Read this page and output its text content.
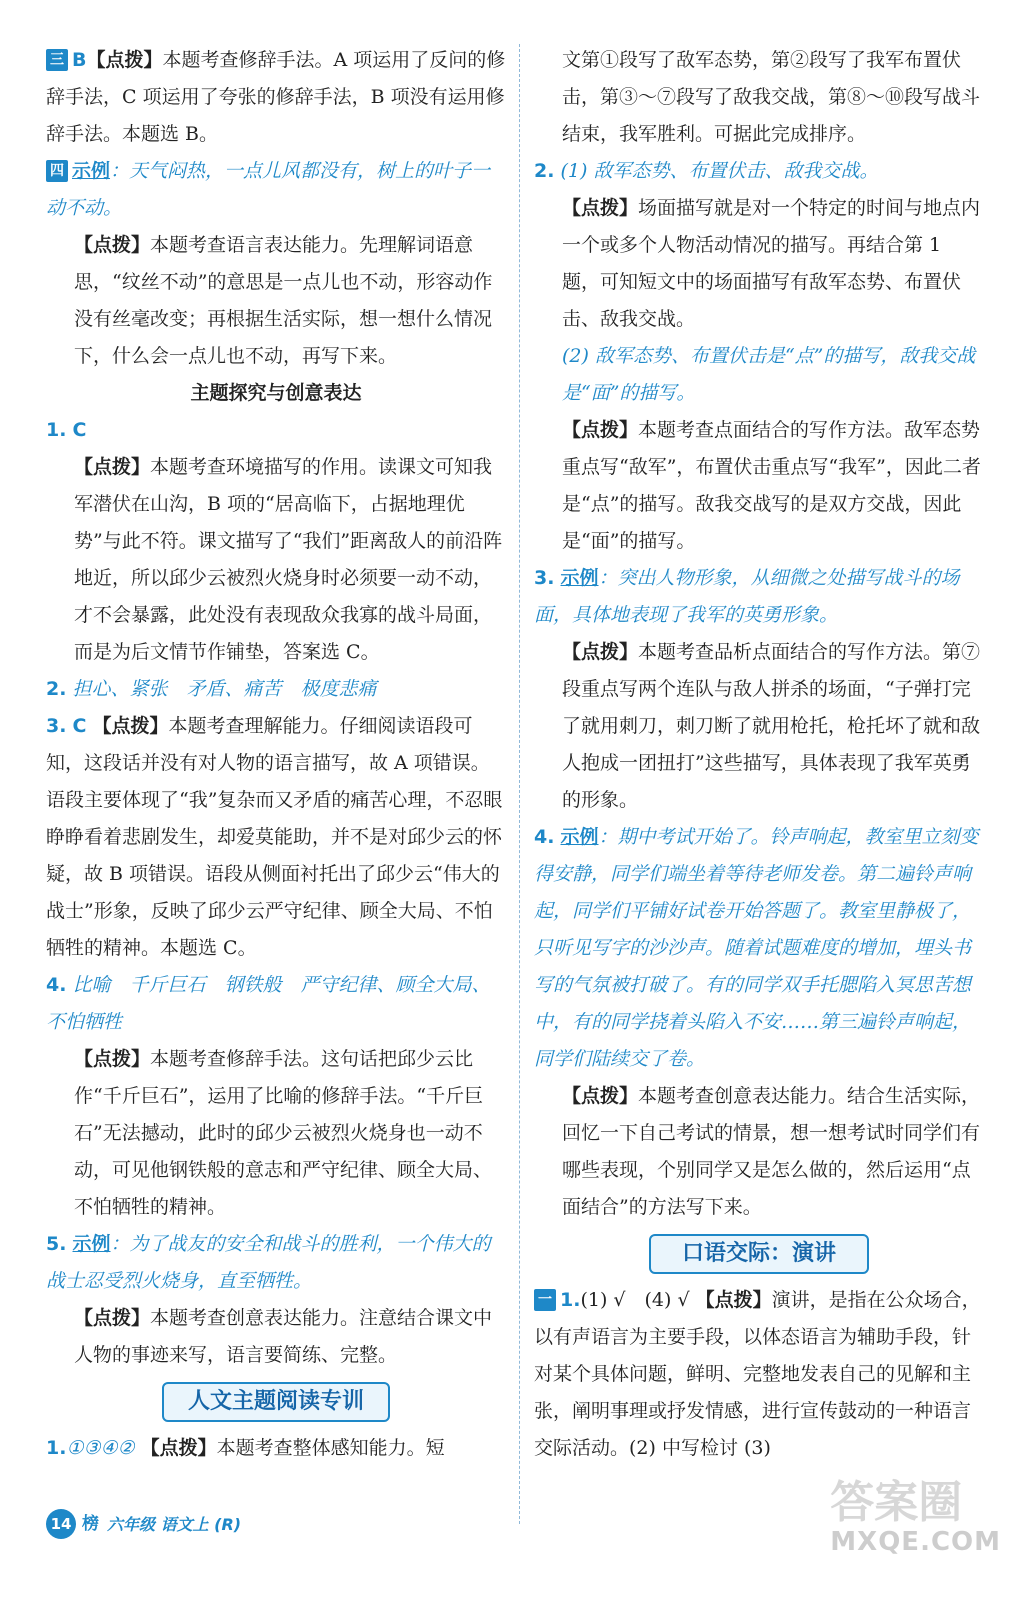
三 B【点拨】本题考查修辞手法。A 项运用了反问的修辞手法，C 项运用了夸张的修辞手法，B 项没有运用修辞手法。本题选 B。
四 示例：天气闷热，一点儿风都没有，树上的叶子一动不动。
【点拨】本题考查语言表达能力。先理解词语意思，“纹丝不动”的意思是一点儿也不动，形容动作没有丝毫改变；再根据生活实际，想一想什么情况下，什么会一点儿也不动，再写下来。
主题探究与创意表达
1. C
【点拨】本题考查环境描写的作用。读课文可知我军潜伏在山沟，B 项的“居高临下，占据地理优势”与此不符。课文描写了“我们”距离敌人的前沿阵地近，所以邱少云被烈火烧身时必须要一动不动，才不会暴露，此处没有表现敌众我寡的战斗局面，而是为后文情节作铺垫，答案选 C。
2. 担心、紧张　矛盾、痛苦　极度悲痛
3. C 【点拨】本题考查理解能力。仔细阅读语段可知，这段话并没有对人物的语言描写，故 A 项错误。语段主要体现了“我”复杂而又矛盾的痛苦心理，不忍眼睁睁看着悲剧发生，却爱莫能助，并不是对邱少云的怀疑，故 B 项错误。语段从侧面衬托出了邱少云“伟大的战士”形象，反映了邱少云严守纪律、顾全大局、不怕牺牲的精神。本题选 C。
4. 比喻　千斤巨石　钢铁般　严守纪律、顾全大局、不怕牺牲
【点拨】本题考查修辞手法。这句话把邱少云比作“千斤巨石”，运用了比喻的修辞手法。“千斤巨石”无法撼动，此时的邱少云被烈火烧身也一动不动，可见他钢铁般的意志和严守纪律、顾全大局、不怕牺牲的精神。
5. 示例：为了战友的安全和战斗的胜利，一个伟大的战士忍受烈火烧身，直至牺牲。
【点拨】本题考查创意表达能力。注意结合课文中人物的事迹来写，语言要简练、完整。
人文主题阅读专训
1.①③④② 【点拨】本题考查整体感知能力。短
文第①段写了敌军态势，第②段写了我军布置伏击，第③～⑦段写了敌我交战，第⑧～⑩段写战斗结束，我军胜利。可据此完成排序。
2. (1) 敌军态势、布置伏击、敌我交战。
【点拨】场面描写就是对一个特定的时间与地点内一个或多个人物活动情况的描写。再结合第 1 题，可知短文中的场面描写有敌军态势、布置伏击、敌我交战。
(2) 敌军态势、布置伏击是“点”的描写，敌我交战是“面”的描写。
【点拨】本题考查点面结合的写作方法。敌军态势重点写“敌军”，布置伏击重点写“我军”，因此二者是“点”的描写。敌我交战写的是双方交战，因此是“面”的描写。
3. 示例：突出人物形象，从细微之处描写战斗的场面，具体地表现了我军的英勇形象。
【点拨】本题考查品析点面结合的写作方法。第⑦段重点写两个连队与敌人拼杀的场面，“子弹打完了就用刺刀，刺刀断了就用枪托，枪托坏了就和敌人抱成一团扭打”这些描写，具体表现了我军英勇的形象。
4. 示例：期中考试开始了。铃声响起，教室里立刻变得安静，同学们端坐着等待老师发卷。第二遍铃声响起，同学们平铺好试卷开始答题了。教室里静极了，只听见写字的沙沙声。随着试题难度的增加，埋头书写的气氛被打破了。有的同学双手托腮陷入冥思苦想中，有的同学挠着头陷入不安……第三遍铃声响起，同学们陆续交了卷。
【点拨】本题考查创意表达能力。结合生活实际，回忆一下自己考试的情景，想一想考试时同学们有哪些表现，个别同学又是怎么做的，然后运用“点面结合”的方法写下来。
口语交际：演讲
一 1.(1) √　(4) √ 【点拨】演讲，是指在公众场合，以有声语言为主要手段，以体态语言为辅助手段，针对某个具体问题，鲜明、完整地发表自己的见解和主张，阐明事理或抒发情感，进行宣传鼓动的一种语言交际活动。(2) 中写检讨 (3)
14 榜 六年级 语文上 (R)	答案圈
MXQE.COM
